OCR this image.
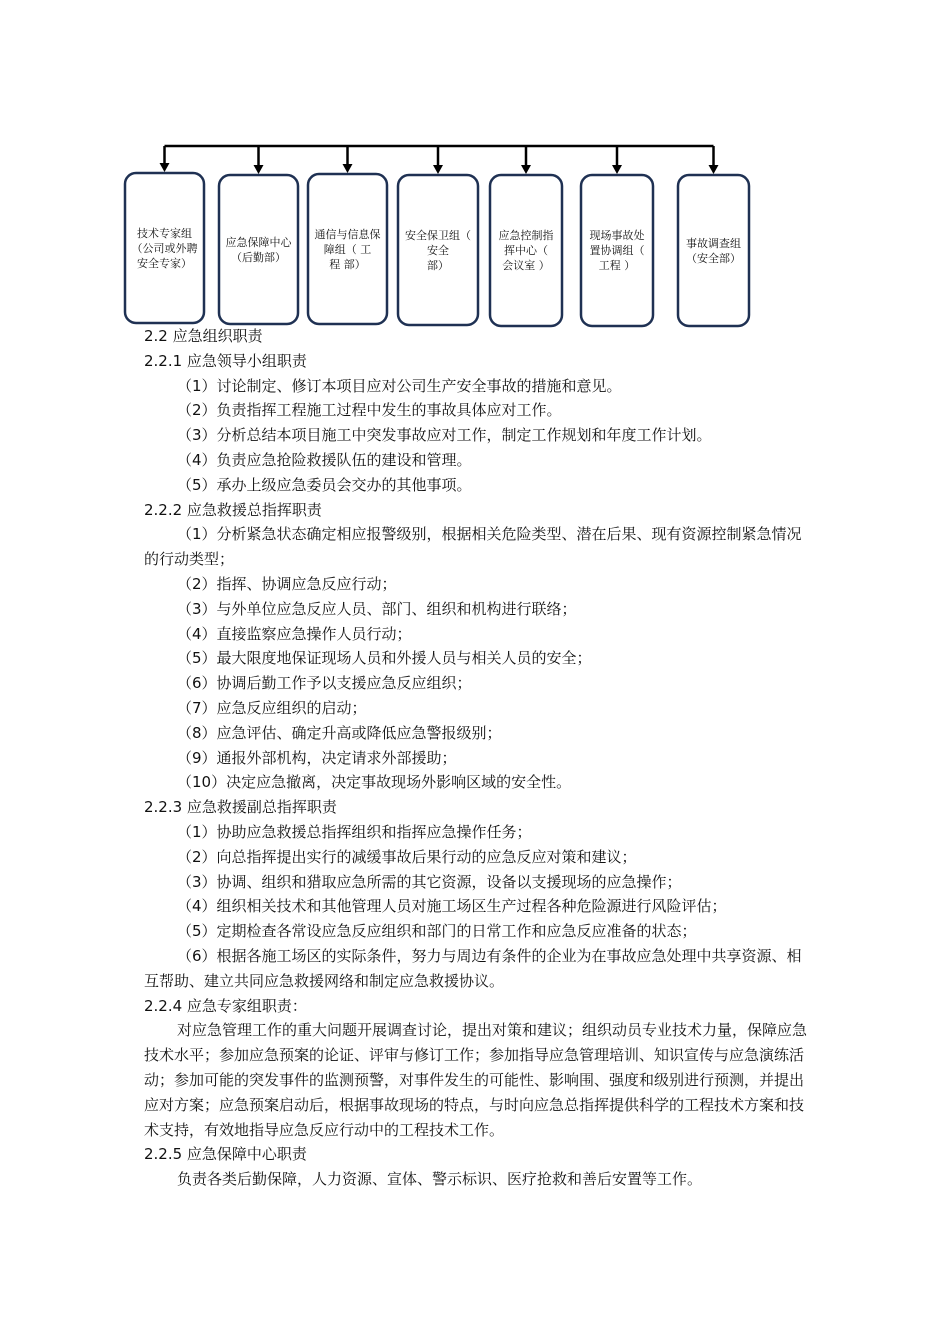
技术专家组（公司或外聘安全专家）
应急保障中心（后勤部）
通信与信息保障组（ 工
程 部）
安全保卫组（ 安全
部）
应急控制指挥中心（
会议室 ）
现场事故处置协调组（
工程 ）
事故调查组（安全部）
2.2 应急组织职责
2.2.1 应急领导小组职责
（1）讨论制定、修订本项目应对公司生产安全事故的措施和意见。
（2）负责指挥工程施工过程中发生的事故具体应对工作。
（3）分析总结本项目施工中突发事故应对工作，制定工作规划和年度工作计划。
（4）负责应急抢险救援队伍的建设和管理。
（5）承办上级应急委员会交办的其他事项。
2.2.2 应急救援总指挥职责
（1）分析紧急状态确定相应报警级别，根据相关危险类型、潜在后果、现有资源控制紧急情况的行动类型；
（2）指挥、协调应急反应行动；
（3）与外单位应急反应人员、部门、组织和机构进行联络；
（4）直接监察应急操作人员行动；
（5）最大限度地保证现场人员和外援人员与相关人员的安全；
（6）协调后勤工作予以支援应急反应组织；
（7）应急反应组织的启动；
（8）应急评估、确定升高或降低应急警报级别；
（9）通报外部机构，决定请求外部援助；
（10）决定应急撤离，决定事故现场外影响区域的安全性。
2.2.3 应急救援副总指挥职责
（1）协助应急救援总指挥组织和指挥应急操作任务；
（2）向总指挥提出实行的减缓事故后果行动的应急反应对策和建议；
（3）协调、组织和猎取应急所需的其它资源，设备以支援现场的应急操作；
（4）组织相关技术和其他管理人员对施工场区生产过程各种危险源进行风险评估；
（5）定期检查各常设应急反应组织和部门的日常工作和应急反应准备的状态；
（6）根据各施工场区的实际条件，努力与周边有条件的企业为在事故应急处理中共享资源、相互帮助、建立共同应急救援网络和制定应急救援协议。
2.2.4 应急专家组职责：
对应急管理工作的重大问题开展调查讨论，提出对策和建议；组织动员专业技术力量，保障应急技术水平；参加应急预案的论证、评审与修订工作；参加指导应急管理培训、知识宣传与应急演练活动；参加可能的突发事件的监测预警，对事件发生的可能性、影响围、强度和级别进行预测，并提出应对方案；应急预案启动后，根据事故现场的特点，与时向应急总指挥提供科学的工程技术方案和技术支持，有效地指导应急反应行动中的工程技术工作。
2.2.5 应急保障中心职责
负责各类后勤保障，人力资源、宣体、警示标识、医疗抢救和善后安置等工作。
